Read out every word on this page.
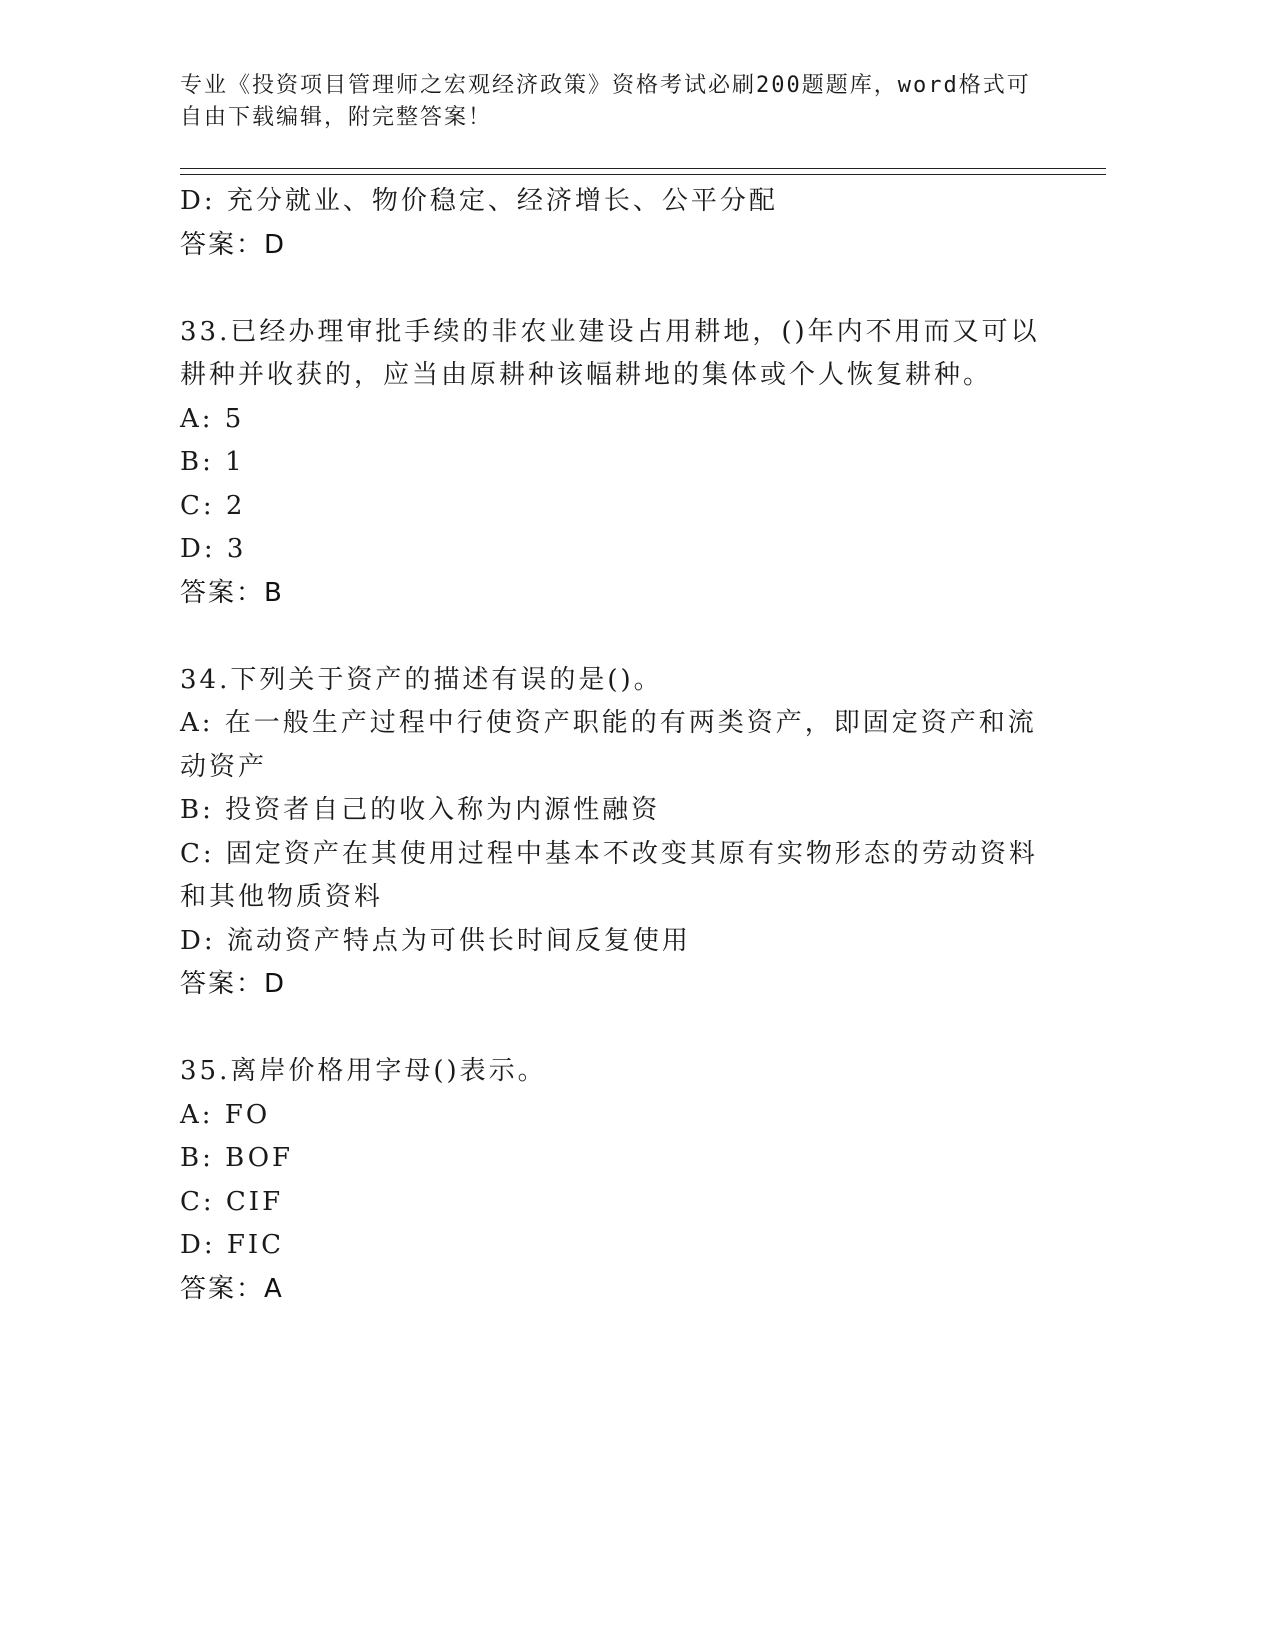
专业《投资项目管理师之宏观经济政策》资格考试必刷200题题库，word格式可自由下载编辑，附完整答案！
D: 充分就业、物价稳定、经济增长、公平分配
答案：D
33.已经办理审批手续的非农业建设占用耕地，()年内不用而又可以耕种并收获的，应当由原耕种该幅耕地的集体或个人恢复耕种。
A: 5
B: 1
C: 2
D: 3
答案：B
34.下列关于资产的描述有误的是()。
A: 在一般生产过程中行使资产职能的有两类资产，即固定资产和流动资产
B: 投资者自己的收入称为内源性融资
C: 固定资产在其使用过程中基本不改变其原有实物形态的劳动资料和其他物质资料
D: 流动资产特点为可供长时间反复使用
答案：D
35.离岸价格用字母()表示。
A: FO
B: BOF
C: CIF
D: FIC
答案：A
